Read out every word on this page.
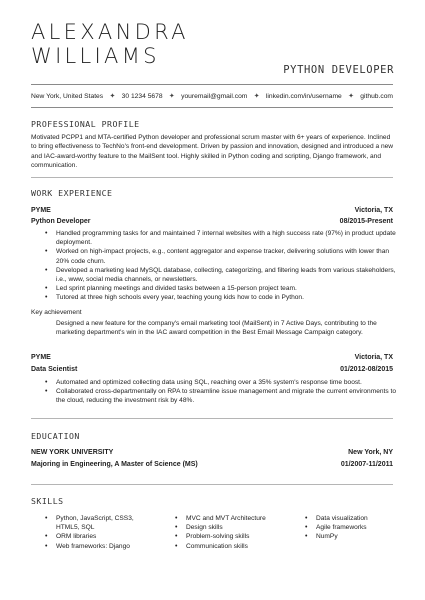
ALEXANDRA
WILLIAMS
PYTHON DEVELOPER
New York, United States ✦ 30 1234 5678 ✦ youremail@gmail.com ✦ linkedin.com/in/username ✦ github.com
PROFESSIONAL PROFILE
Motivated PCPP1 and MTA-certified Python developer and professional scrum master with 6+ years of experience. Inclined to bring effectiveness to TechNo's front-end development. Driven by passion and innovation, designed and introduced a new and IAC-award-worthy feature to the MailSent tool. Highly skilled in Python coding and scripting, Django framework, and communication.
WORK EXPERIENCE
PYME	Victoria, TX
Python Developer	08/2015-Present
• Handled programming tasks for and maintained 7 internal websites with a high success rate (97%) in product update deployment.
• Worked on high-impact projects, e.g., content aggregator and expense tracker, delivering solutions with lower than 20% code churn.
• Developed a marketing lead MySQL database, collecting, categorizing, and filtering leads from various stakeholders, i.e., www, social media channels, or newsletters.
• Led sprint planning meetings and divided tasks between a 15-person project team.
• Tutored at three high schools every year, teaching young kids how to code in Python.
Key achievement
Designed a new feature for the company's email marketing tool (MailSent) in 7 Active Days, contributing to the marketing department's win in the IAC award competition in the Best Email Message Campaign category.
PYME	Victoria, TX
Data Scientist	01/2012-08/2015
• Automated and optimized collecting data using SQL, reaching over a 35% system's response time boost.
• Collaborated cross-departmentally on RPA to streamline issue management and migrate the current environments to the cloud, reducing the investment risk by 48%.
EDUCATION
NEW YORK UNIVERSITY	New York, NY
Majoring in Engineering, A Master of Science (MS)	01/2007-11/2011
SKILLS
• Python, JavaScript, CSS3,
HTML5, SQL
• ORM libraries
• Web frameworks: Django
• MVC and MVT Architecture
• Design skills
• Problem-solving skills
• Communication skills
• Data visualization
• Agile frameworks
• NumPy
